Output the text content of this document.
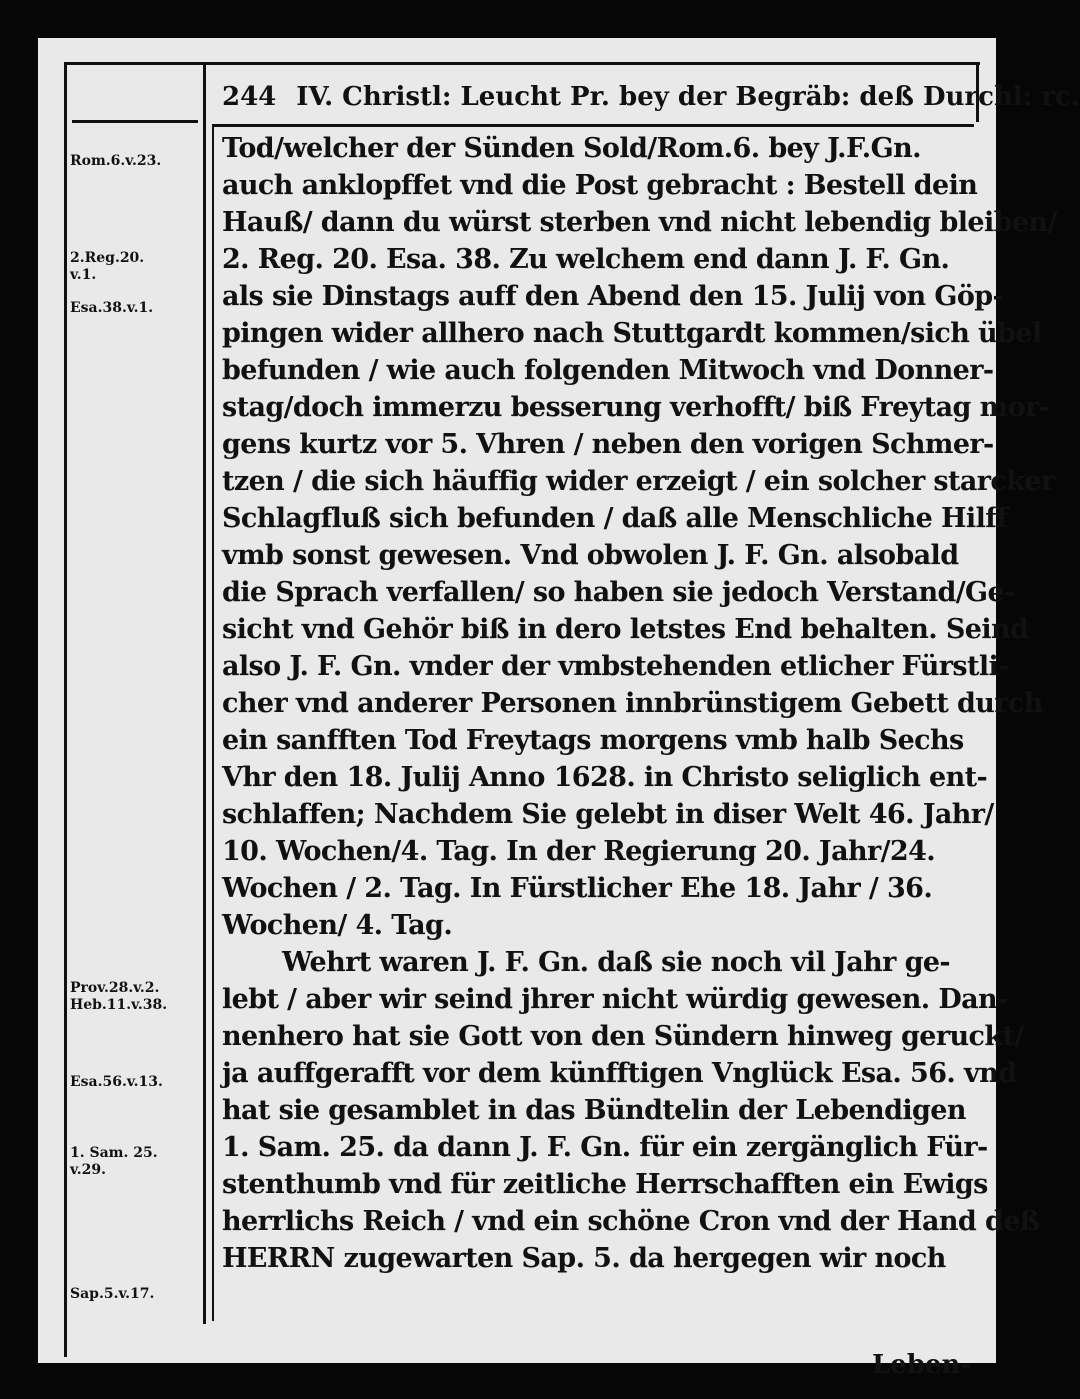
244 IV. Christl: Leucht Pr. bey der Begräb: deß Durchl: rc.
Tod/welcher der Sünden Sold/Rom.6. bey J.F.Gn.
auch anklopffet vnd die Post gebracht : Bestell dein
Hauß/ dann du würst sterben vnd nicht lebendig bleiben/
2. Reg. 20. Esa. 38. Zu welchem end dann J. F. Gn.
als sie Dinstags auff den Abend den 15. Julij von Göp-
pingen wider allhero nach Stuttgardt kommen/sich übel
befunden / wie auch folgenden Mitwoch vnd Donner-
stag/doch immerzu besserung verhofft/ biß Freytag mor-
gens kurtz vor 5. Vhren / neben den vorigen Schmer-
tzen / die sich häuffig wider erzeigt / ein solcher starcker
Schlagfluß sich befunden / daß alle Menschliche Hilff
vmb sonst gewesen. Vnd obwolen J. F. Gn. alsobald
die Sprach verfallen/ so haben sie jedoch Verstand/Ge-
sicht vnd Gehör biß in dero letstes End behalten. Seind
also J. F. Gn. vnder der vmbstehenden etlicher Fürstli-
cher vnd anderer Personen innbrünstigem Gebett durch
ein sanfften Tod Freytags morgens vmb halb Sechs
Vhr den 18. Julij Anno 1628. in Christo seliglich ent-
schlaffen; Nachdem Sie gelebt in diser Welt 46. Jahr/
10. Wochen/4. Tag. In der Regierung 20. Jahr/24.
Wochen / 2. Tag. In Fürstlicher Ehe 18. Jahr / 36.
Wochen/ 4. Tag.
Wehrt waren J. F. Gn. daß sie noch vil Jahr ge-
lebt / aber wir seind jhrer nicht würdig gewesen. Dan-
nenhero hat sie Gott von den Sündern hinweg geruckt/
ja auffgerafft vor dem künfftigen Vnglück Esa. 56. vnd
hat sie gesamblet in das Bündtelin der Lebendigen
1. Sam. 25. da dann J. F. Gn. für ein zergänglich Für-
stenthumb vnd für zeitliche Herrschafften ein Ewigs
herrlichs Reich / vnd ein schöne Cron vnd der Hand deß
HERRN zugewarten Sap. 5. da hergegen wir noch
Rom.6.v.23.
2.Reg.20.
v.1.
Esa.38.v.1.
Prov.28.v.2.
Heb.11.v.38.
Esa.56.v.13.
1. Sam. 25.
v.29.
Sap.5.v.17.
Leben-
